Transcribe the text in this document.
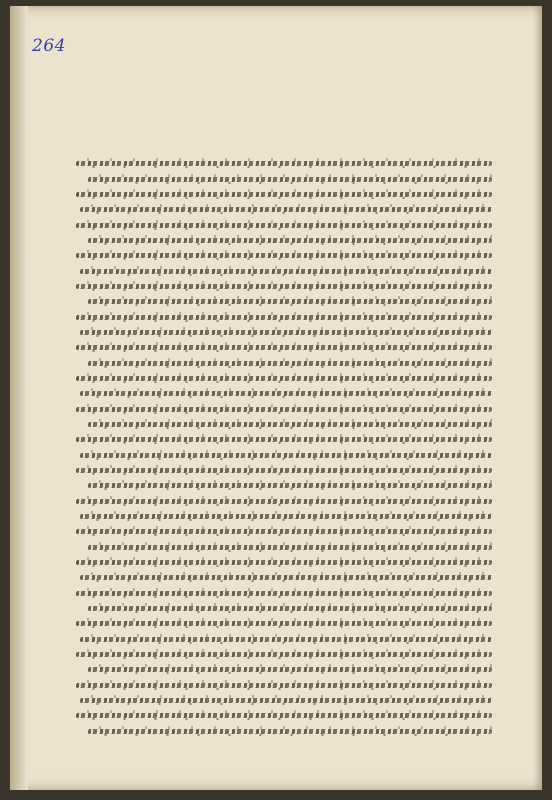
264
